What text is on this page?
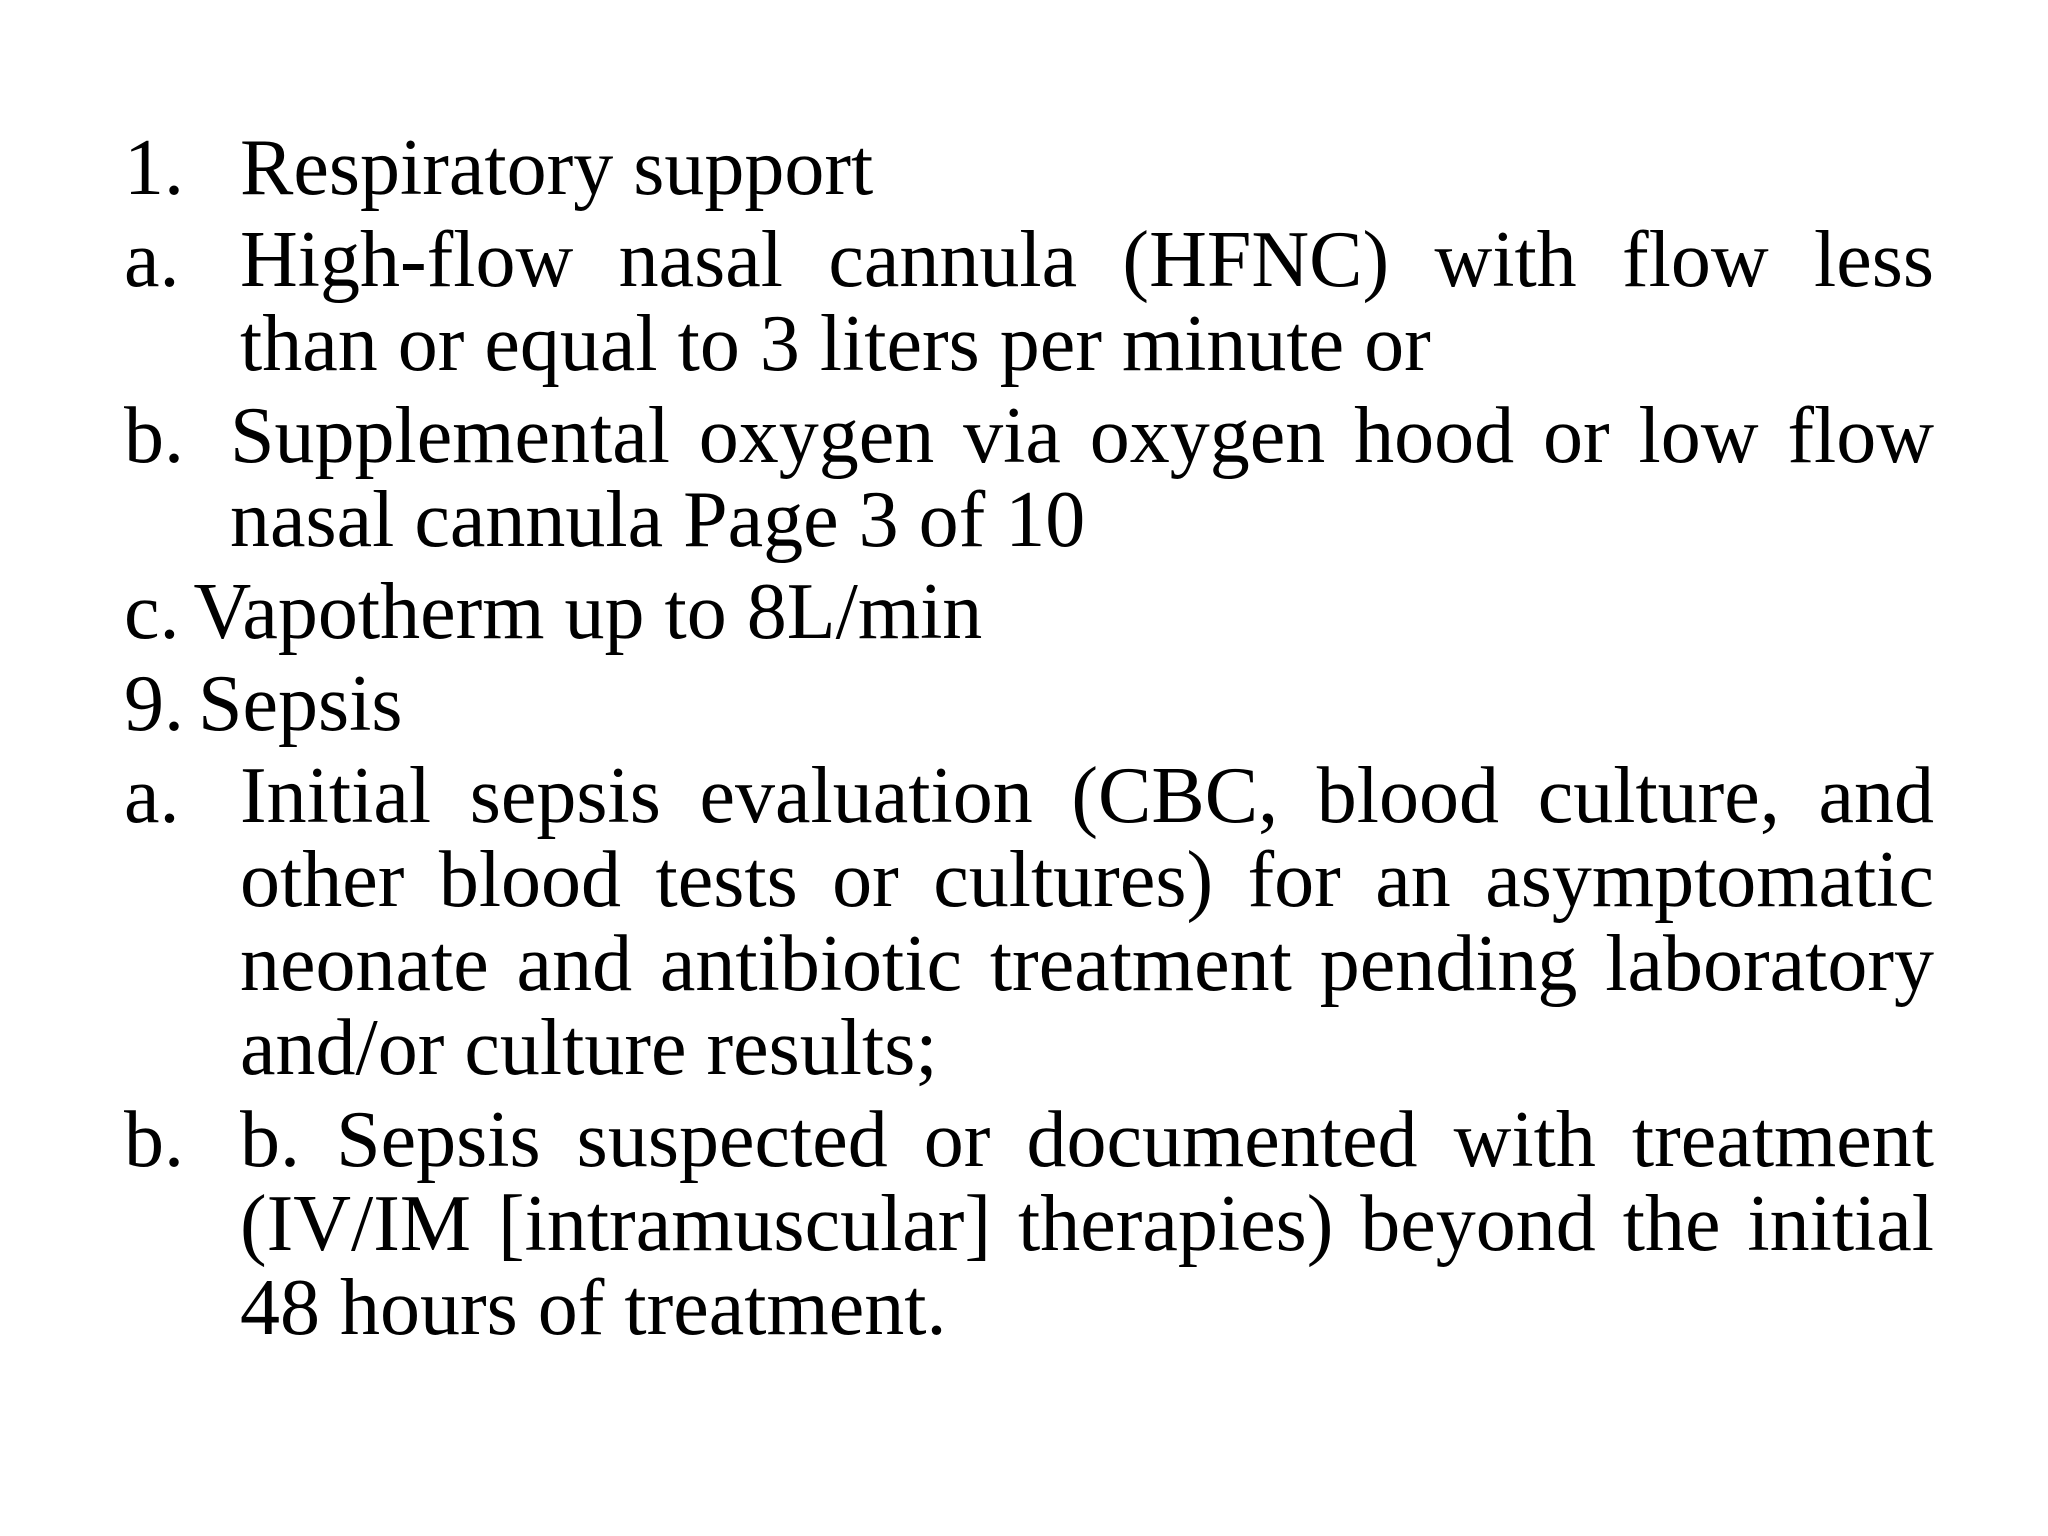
1. Respiratory support
a. High-flow nasal cannula (HFNC) with flow less than or equal to 3 liters per minute or
b. Supplemental oxygen via oxygen hood or low flow nasal cannula Page 3 of 10
c. Vapotherm up to 8L/min
9. Sepsis
a. Initial sepsis evaluation (CBC, blood culture, and other blood tests or cultures) for an asymptomatic neonate and antibiotic treatment pending laboratory and/or culture results;
b. b. Sepsis suspected or documented with treatment (IV/IM [intramuscular] therapies) beyond the initial 48 hours of treatment.
